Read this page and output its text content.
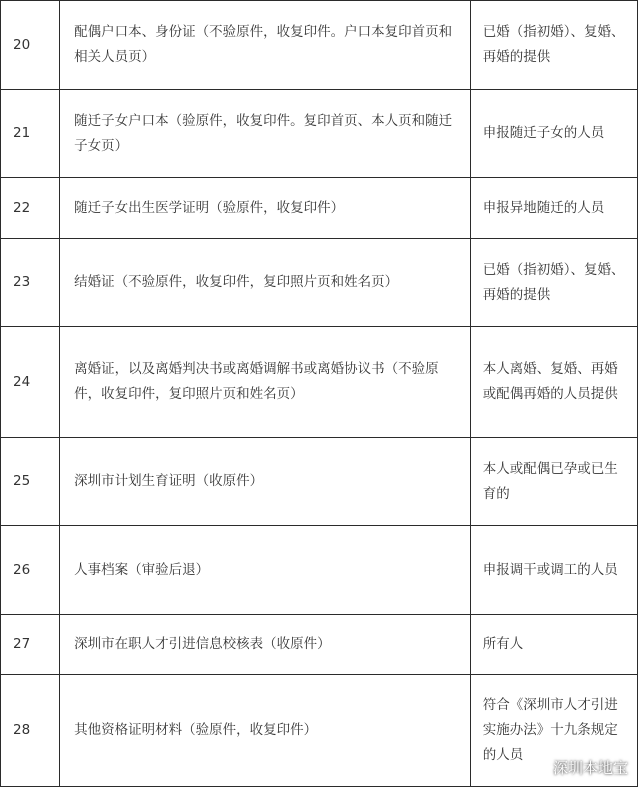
20	配偶户口本、身份证（不验原件，收复印件。户口本复印首页和相关人员页）	已婚（指初婚）、复婚、再婚的提供
21	随迁子女户口本（验原件，收复印件。复印首页、本人页和随迁子女页）	申报随迁子女的人员
22	随迁子女出生医学证明（验原件，收复印件）	申报异地随迁的人员
23	结婚证（不验原件，收复印件，复印照片页和姓名页）	已婚（指初婚）、复婚、再婚的提供
24	离婚证，以及离婚判决书或离婚调解书或离婚协议书（不验原件，收复印件，复印照片页和姓名页）	本人离婚、复婚、再婚或配偶再婚的人员提供
25	深圳市计划生育证明（收原件）	本人或配偶已孕或已生育的
26	人事档案（审验后退）	申报调干或调工的人员
27	深圳市在职人才引进信息校核表（收原件）	所有人
28	其他资格证明材料（验原件，收复印件）	符合《深圳市人才引进实施办法》十九条规定的人员
深圳本地宝
